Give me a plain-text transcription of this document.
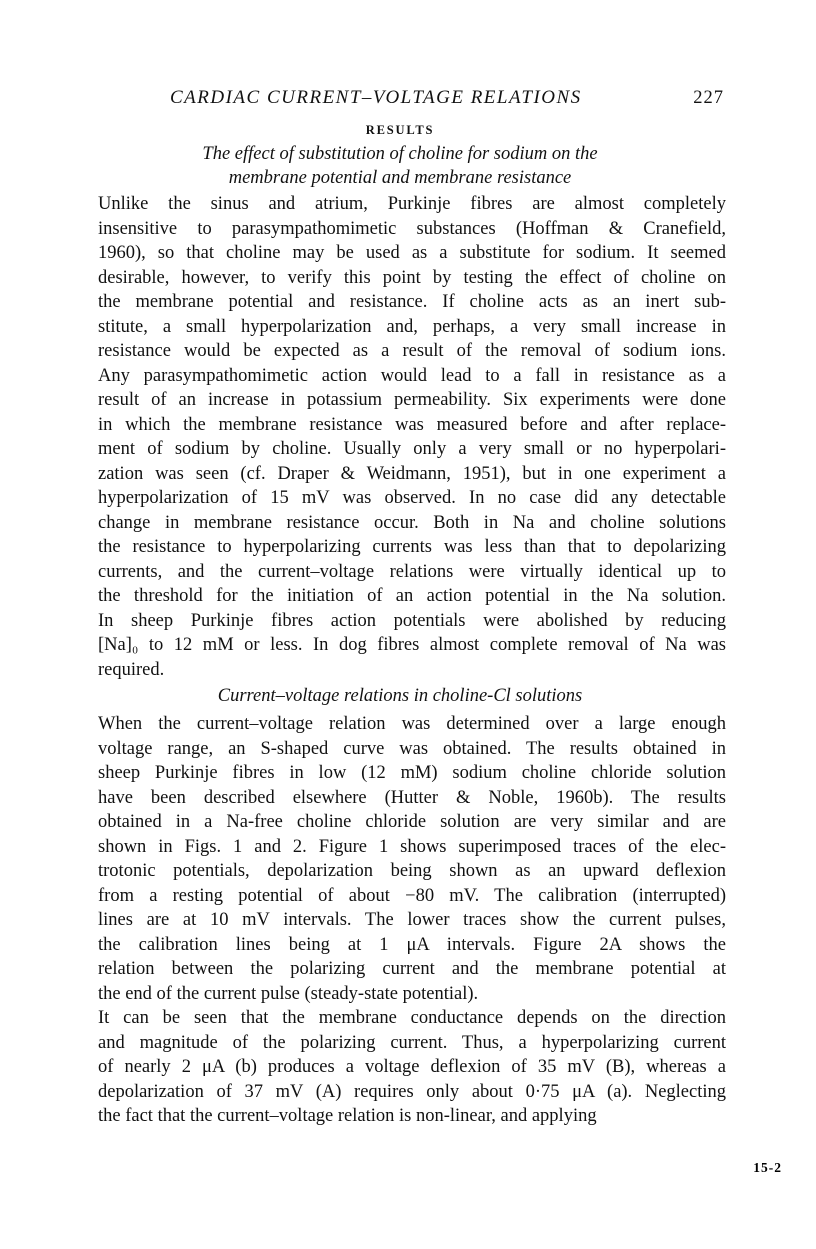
CARDIAC CURRENT–VOLTAGE RELATIONS	227
RESULTS
The effect of substitution of choline for sodium on the
membrane potential and membrane resistance

Unlike the sinus and atrium, Purkinje fibres are almost completely
insensitive to parasympathomimetic substances (Hoffman & Cranefield,
1960), so that choline may be used as a substitute for sodium. It seemed
desirable, however, to verify this point by testing the effect of choline on
the membrane potential and resistance. If choline acts as an inert sub-
stitute, a small hyperpolarization and, perhaps, a very small increase in
resistance would be expected as a result of the removal of sodium ions.
Any parasympathomimetic action would lead to a fall in resistance as a
result of an increase in potassium permeability. Six experiments were done
in which the membrane resistance was measured before and after replace-
ment of sodium by choline. Usually only a very small or no hyperpolari-
zation was seen (cf. Draper & Weidmann, 1951), but in one experiment a
hyperpolarization of 15 mV was observed. In no case did any detectable
change in membrane resistance occur. Both in Na and choline solutions
the resistance to hyperpolarizing currents was less than that to depolarizing
currents, and the current–voltage relations were virtually identical up to
the threshold for the initiation of an action potential in the Na solution.
In sheep Purkinje fibres action potentials were abolished by reducing
[Na]₀ to 12 mM or less. In dog fibres almost complete removal of Na was
required.

Current–voltage relations in choline-Cl solutions

When the current–voltage relation was determined over a large enough
voltage range, an S-shaped curve was obtained. The results obtained in
sheep Purkinje fibres in low (12 mM) sodium choline chloride solution
have been described elsewhere (Hutter & Noble, 1960b). The results
obtained in a Na-free choline chloride solution are very similar and are
shown in Figs. 1 and 2. Figure 1 shows superimposed traces of the elec-
trotonic potentials, depolarization being shown as an upward deflexion
from a resting potential of about −80 mV. The calibration (interrupted)
lines are at 10 mV intervals. The lower traces show the current pulses,
the calibration lines being at 1 μA intervals. Figure 2A shows the
relation between the polarizing current and the membrane potential at
the end of the current pulse (steady-state potential).

It can be seen that the membrane conductance depends on the direction
and magnitude of the polarizing current. Thus, a hyperpolarizing current
of nearly 2 μA (b) produces a voltage deflexion of 35 mV (B), whereas a
depolarization of 37 mV (A) requires only about 0·75 μA (a). Neglecting
the fact that the current–voltage relation is non-linear, and applying

15-2
